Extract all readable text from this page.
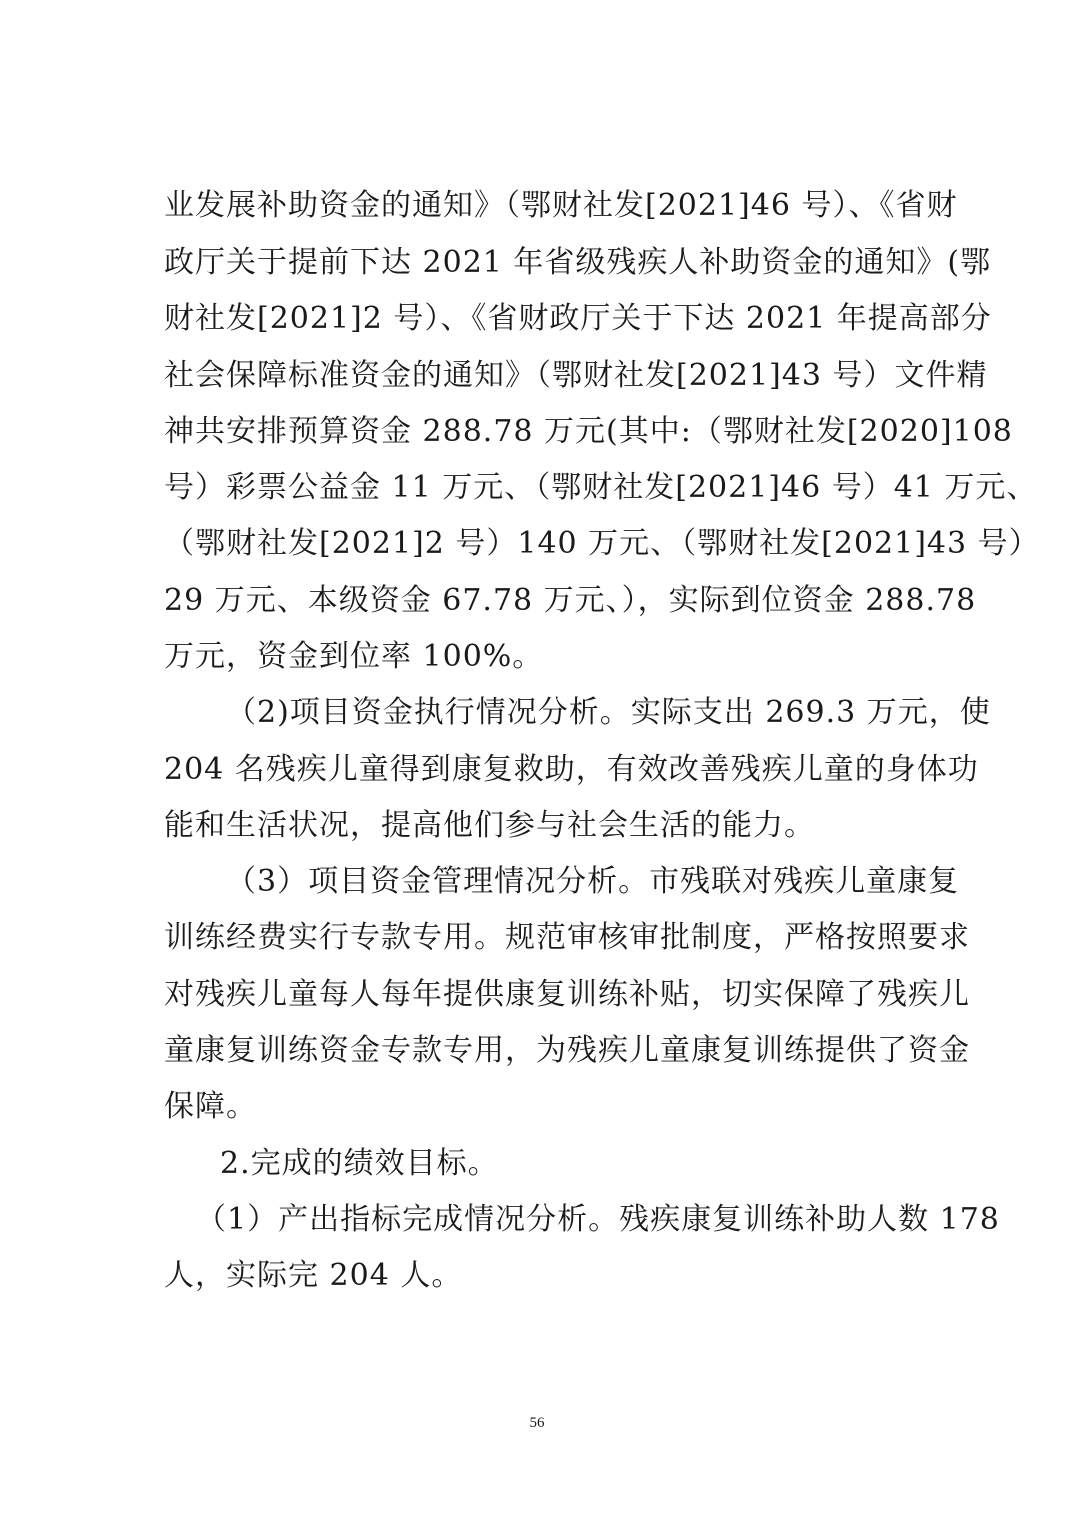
业发展补助资金的通知》（鄂财社发[2021]46 号）、《省财
政厅关于提前下达 2021 年省级残疾人补助资金的通知》(鄂
财社发[2021]2 号）、《省财政厅关于下达 2021 年提高部分
社会保障标准资金的通知》（鄂财社发[2021]43 号）文件精
神共安排预算资金 288.78 万元(其中:（鄂财社发[2020]108
号）彩票公益金 11 万元、（鄂财社发[2021]46 号）41 万元、
（鄂财社发[2021]2 号）140 万元、（鄂财社发[2021]43 号）
29 万元、本级资金 67.78 万元、），实际到位资金 288.78
万元，资金到位率 100%。
（2)项目资金执行情况分析。实际支出 269.3 万元，使
204 名残疾儿童得到康复救助，有效改善残疾儿童的身体功
能和生活状况，提高他们参与社会生活的能力。
（3）项目资金管理情况分析。市残联对残疾儿童康复
训练经费实行专款专用。规范审核审批制度，严格按照要求
对残疾儿童每人每年提供康复训练补贴，切实保障了残疾儿
童康复训练资金专款专用，为残疾儿童康复训练提供了资金
保障。
2.完成的绩效目标。
（1）产出指标完成情况分析。残疾康复训练补助人数 178
人，实际完 204 人。
56
